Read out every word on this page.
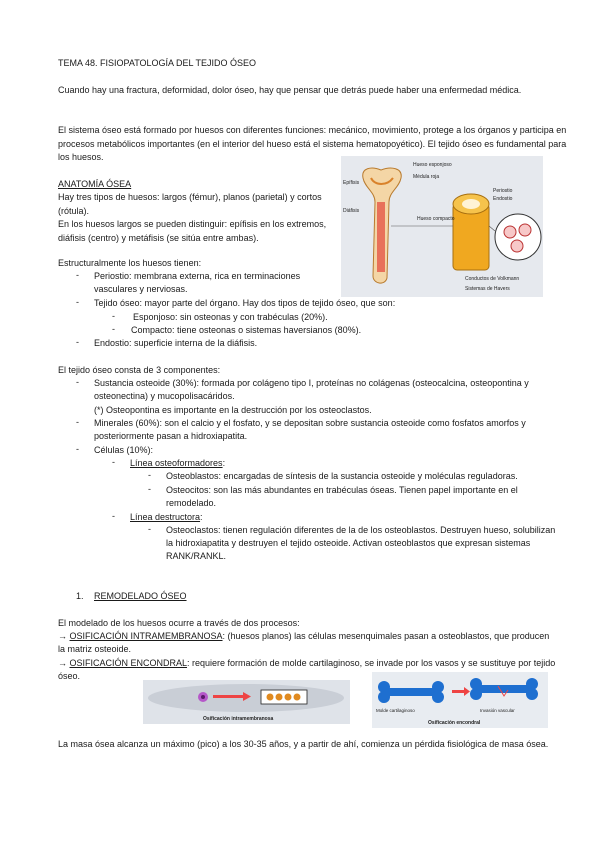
TEMA 48. FISIOPATOLOGÍA DEL TEJIDO ÓSEO
Cuando hay una fractura, deformidad, dolor óseo, hay que pensar que detrás puede haber una enfermedad médica.
El sistema óseo está formado por huesos con diferentes funciones: mecánico, movimiento, protege a los órganos y participa en procesos metabólicos importantes (en el interior del hueso está el sistema hematopoyético). El tejido óseo es fundamental para los huesos.
ANATOMÍA ÓSEA
Hay tres tipos de huesos: largos (fémur), planos (parietal) y cortos (rótula).
En los huesos largos se pueden distinguir: epífisis en los extremos, diáfisis (centro) y metáfisis (se sitúa entre ambas).
Estructuralmente los huesos tienen:
- Periostio: membrana externa, rica en terminaciones vasculares y nerviosas.
- Tejido óseo: mayor parte del órgano. Hay dos tipos de tejido óseo, que son:
- Esponjoso: sin osteonas y con trabéculas (20%).
- Compacto: tiene osteonas o sistemas haversianos (80%).
- Endostio: superficie interna de la diáfisis.
Epífisis
Diáfisis
Hueso esponjoso
Médula roja
Hueso compacto
Periostio
Endostio
Conductos de Volkmann
Sistemas de Havers
El tejido óseo consta de 3 componentes:
- Sustancia osteoide (30%): formada por colágeno tipo I, proteínas no colágenas (osteocalcina, osteopontina y osteonectina) y mucopolisacáridos.
(*) Osteopontina es importante en la destrucción por los osteoclastos.
- Minerales (60%): son el calcio y el fosfato, y se depositan sobre sustancia osteoide como fosfatos amorfos y posteriormente pasan a hidroxiapatita.
- Células (10%):
- Línea osteoformadores:
- Osteoblastos: encargadas de síntesis de la sustancia osteoide y moléculas reguladoras.
- Osteocitos: son las más abundantes en trabéculas óseas. Tienen papel importante en el remodelado.
- Línea destructora:
- Osteoclastos: tienen regulación diferentes de la de los osteoblastos. Destruyen hueso, solubilizan la hidroxiapatita y destruyen el tejido osteoide. Activan osteoblastos que expresan sistemas RANK/RANKL.
1. REMODELADO ÓSEO
El modelado de los huesos ocurre a través de dos procesos:
→ OSIFICACIÓN INTRAMEMBRANOSA: (huesos planos) las células mesenquimales pasan a osteoblastos, que producen la matriz osteoide.
→ OSIFICACIÓN ENCONDRAL: requiere formación de molde cartilaginoso, se invade por los vasos y se sustituye por tejido óseo.
Osificación intramembranosa
Molde cartilaginoso	Invasión vascular
Osificación encondral
La masa ósea alcanza un máximo (pico) a los 30-35 años, y a partir de ahí, comienza un pérdida fisiológica de masa ósea.
